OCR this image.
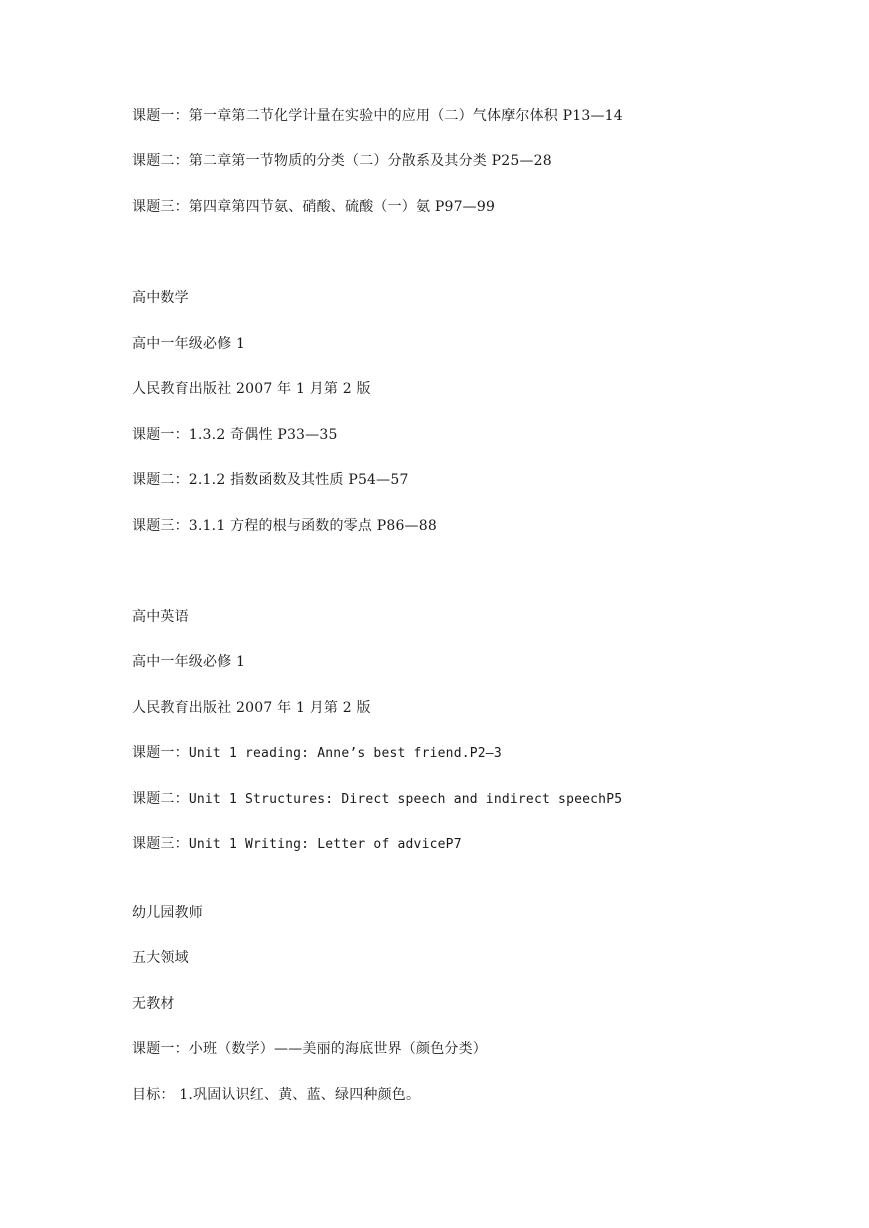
课题一：第一章第二节化学计量在实验中的应用（二）气体摩尔体积 P13—14
课题二：第二章第一节物质的分类（二）分散系及其分类 P25—28
课题三：第四章第四节氨、硝酸、硫酸（一）氨 P97—99
高中数学
高中一年级必修 1
人民教育出版社 2007 年 1 月第 2 版
课题一：1.3.2 奇偶性 P33—35
课题二：2.1.2 指数函数及其性质 P54—57
课题三：3.1.1 方程的根与函数的零点 P86—88
高中英语
高中一年级必修 1
人民教育出版社 2007 年 1 月第 2 版
课题一：Unit 1 reading: Anne’s best friend.P2—3
课题二：Unit 1 Structures: Direct speech and indirect speechP5
课题三：Unit 1 Writing: Letter of adviceP7
幼儿园教师
五大领域
无教材
课题一：小班（数学）——美丽的海底世界（颜色分类）
目标： 1.巩固认识红、黄、蓝、绿四种颜色。
